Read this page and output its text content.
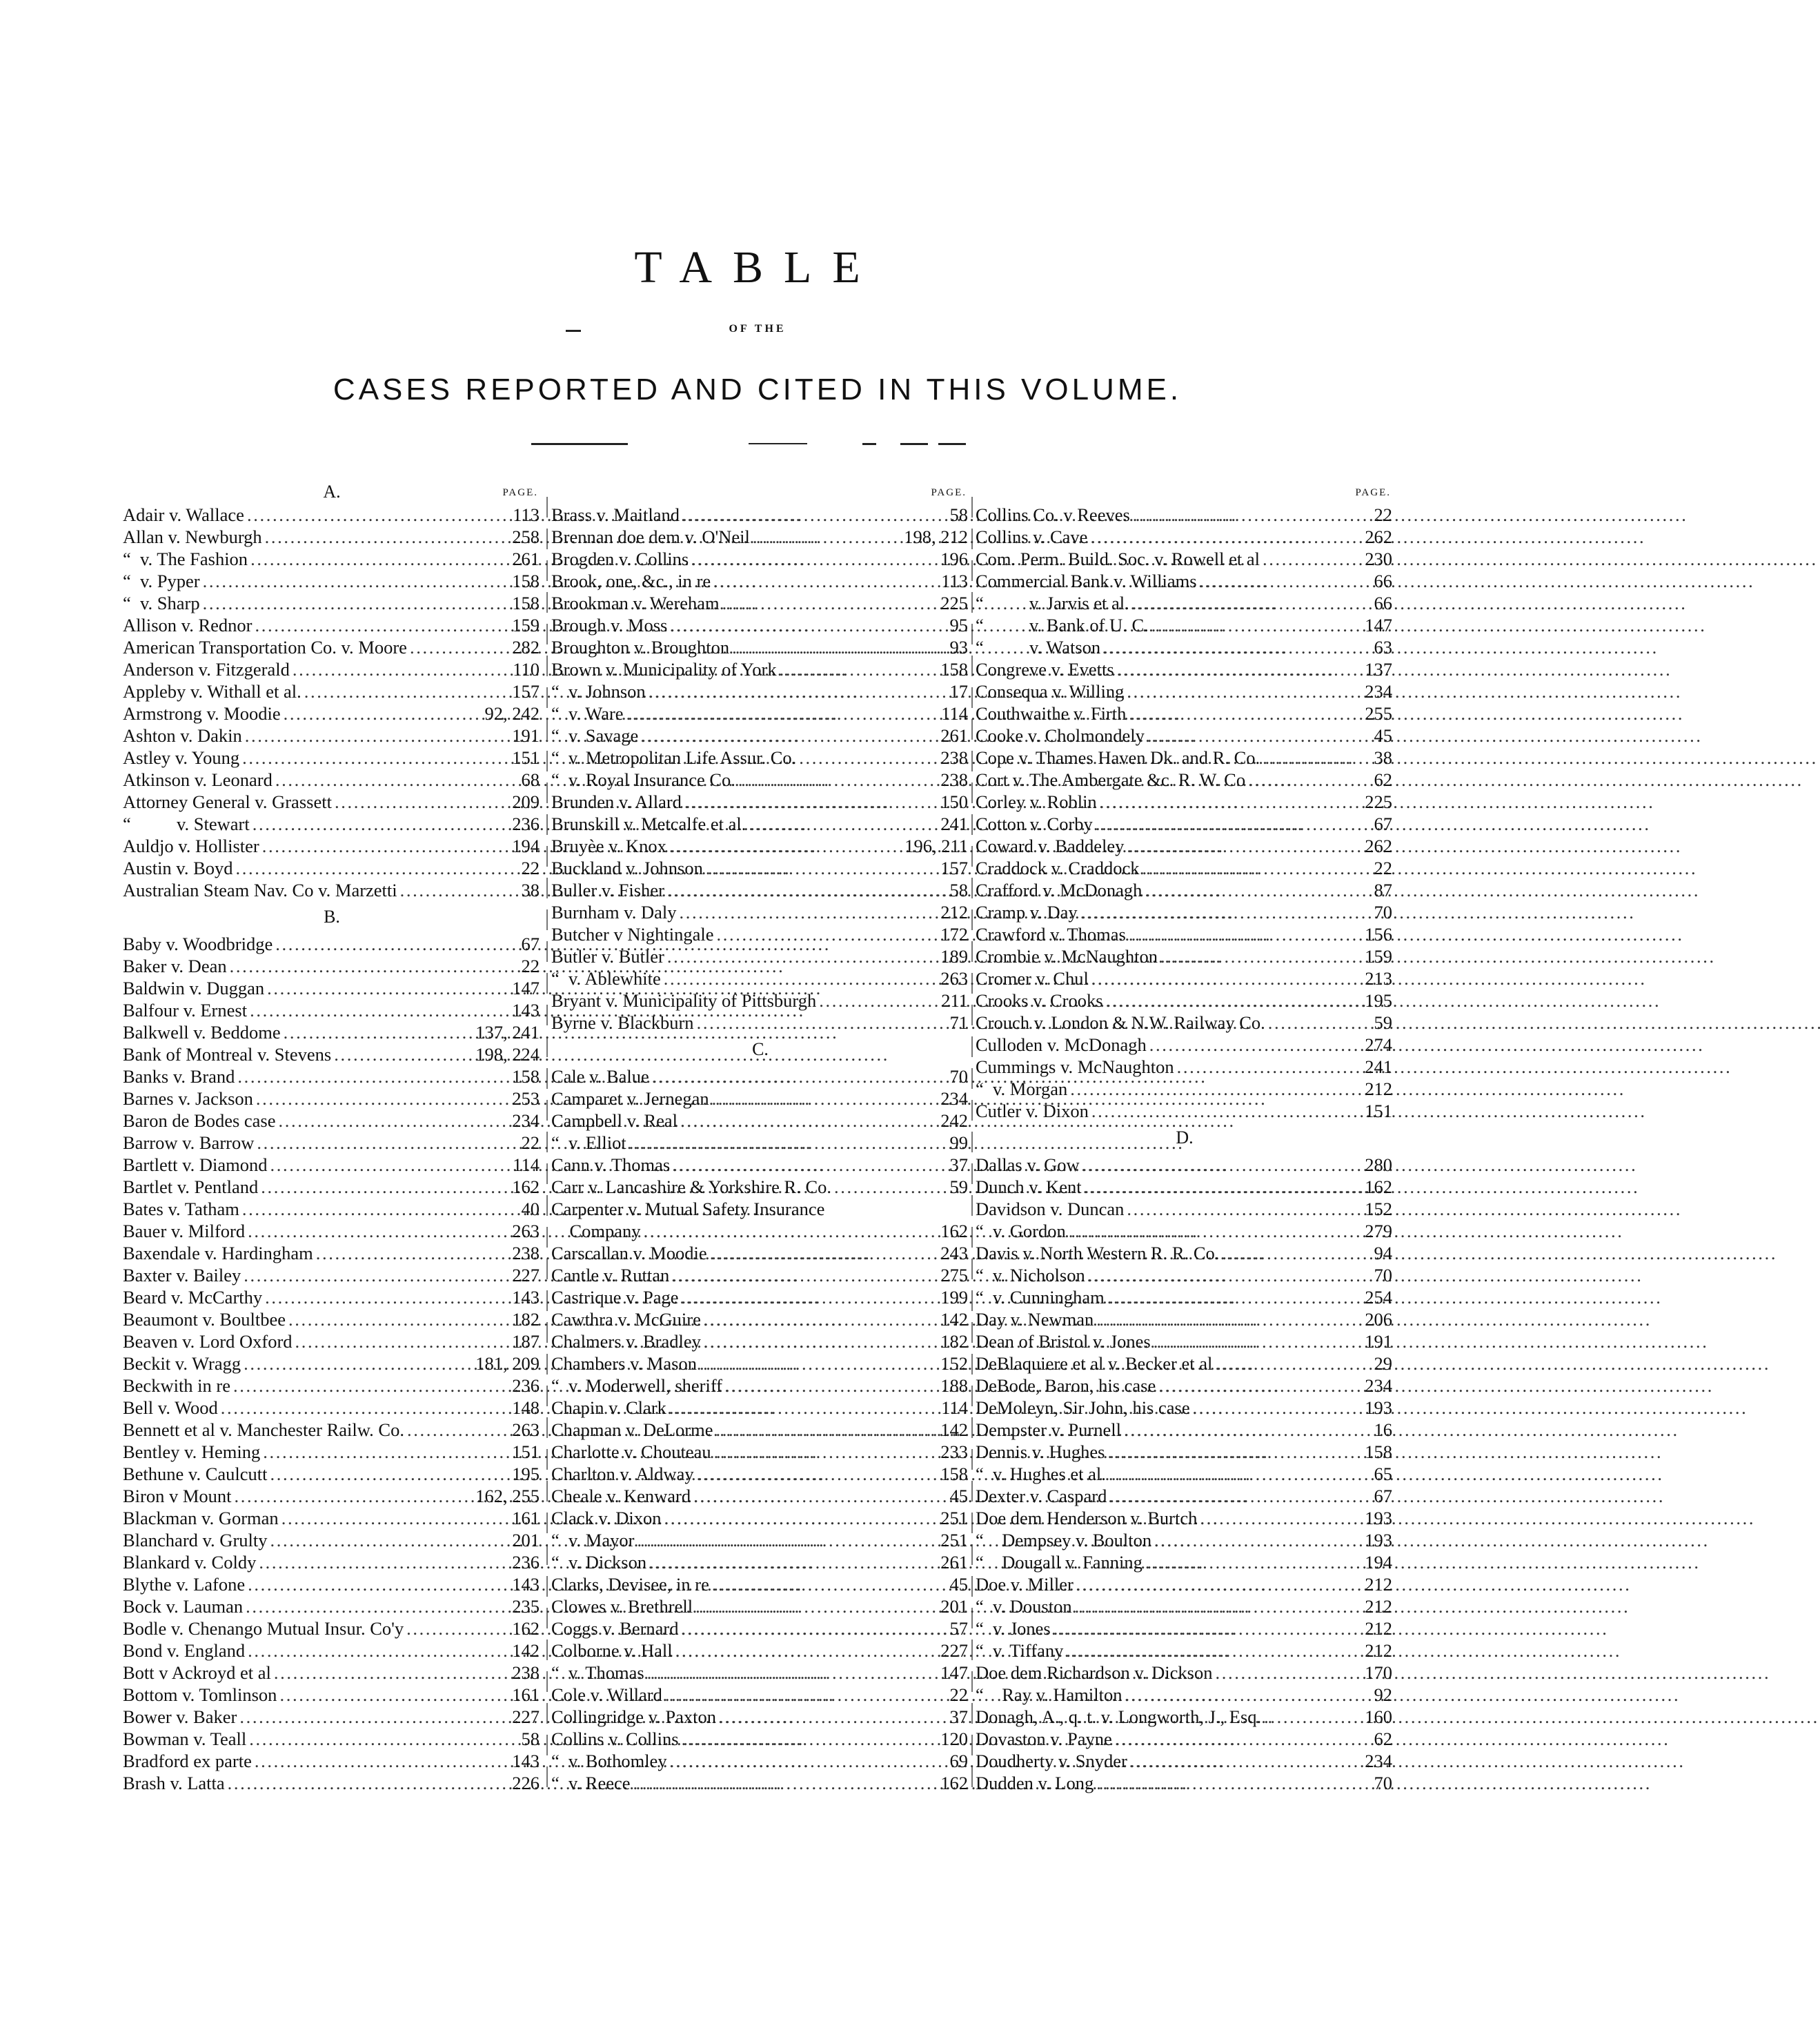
TABLE
OF THE
CASES REPORTED AND CITED IN THIS VOLUME.
A.	PAGE.
Adair v. Wallace . . .	113
Allan v. Newburgh . . .	258
“  v. The Fashion . . .	261
“  v. Pyper . . .	158
“  v. Sharp . . .	158
Allison v. Rednor . . .	159
American Transportation Co. v. Moore . . .	282
Anderson v. Fitzgerald . . .	110
Appleby v. Withall et al. . . .	157
Armstrong v. Moodie . . .	92, 242
Ashton v. Dakin . . .	191
Astley v. Young . . .	151
Atkinson v. Leonard . . .	68
Attorney General v. Grassett . . .	209
“          v. Stewart . . .	236
Auldjo v. Hollister . . .	194
Austin v. Boyd . . .	22
Australian Steam Nav. Co v. Marzetti . . .	38
B.
Baby v. Woodbridge . . .	67
Baker v. Dean . . .	22
Baldwin v. Duggan . . .	147
Balfour v. Ernest . . .	143
Balkwell v. Beddome . . .	137, 241
Bank of Montreal v. Stevens . . .	198, 224
Banks v. Brand . . .	158
Barnes v. Jackson . . .	253
Baron de Bodes case . . .	234
Barrow v. Barrow . . .	22
Bartlett v. Diamond . . .	114
Bartlet v. Pentland . . .	162
Bates v. Tatham . . .	40
Bauer v. Milford . . .	263
Baxendale v. Hardingham . . .	238
Baxter v. Bailey . . .	227
Beard v. McCarthy . . .	143
Beaumont v. Boultbee . . .	182
Beaven v. Lord Oxford . . .	187
Beckit v. Wragg . . .	181, 209
Beckwith in re . . .	236
Bell v. Wood . . .	148
Bennett et al v. Manchester Railw. Co. . . .	263
Bentley v. Heming . . .	151
Bethune v. Caulcutt . . .	195
Biron v Mount . . .	162, 255
Blackman v. Gorman . . .	161
Blanchard v. Grulty . . .	201
Blankard v. Coldy . . .	236
Blythe v. Lafone . . .	143
Bock v. Lauman . . .	235
Bodle v. Chenango Mutual Insur. Co'y . . .	162
Bond v. England . . .	142
Bott v Ackroyd et al . . .	238
Bottom v. Tomlinson . . .	161
Bower v. Baker . . .	227
Bowman v. Teall . . .	58
Bradford ex parte . . .	143
Brash v. Latta . . .	226
PAGE.
Brass v. Maitland . . .	58
Brennan doe dem v. O'Neil . . .	198, 212
Brogden v. Collins . . .	196
Brook, one, &c., in re . . .	113
Brookman v. Wereham . . .	225
Brough v. Moss . . .	95
Broughton v. Broughton . . .	93
Brown v. Municipality of York . . .	158
“  v. Johnson . . .	17
“  v. Ware . . .	114
“  v. Savage . . .	261
“  v. Metropolitan Life Assur. Co. . . .	238
“  v. Royal Insurance Co. . . .	238
Brunden v. Allard . . .	150
Brunskill v. Metcalfe et al. . . .	241
Bruyèe v. Knox . . .	196, 211
Buckland v. Johnson . . .	157
Buller v. Fisher . . .	58
Burnham v. Daly . . .	212
Butcher v Nightingale . . .	172
Butler v. Butler . . .	189
“  v. Ablewhite . . .	263
Bryant v. Municipality of Pittsburgh . . .	211
Byrne v. Blackburn . . .	71
C.
Cale v. Balue . . .	70
Camparet v. Jernegan . . .	234
Campbell v. Real . . .	242
“  v. Elliot . . .	99
Cann v. Thomas . . .	37
Carr v. Lancashire & Yorkshire R. Co. . . .	59
Carpenter v. Mutual Safety Insurance
Company . . .	162
Carscallan v. Moodie . . .	243
Cantle v. Ruttan . . .	275
Castrique v. Page . . .	199
Cawthra v. McGuire . . .	142
Chalmers v. Bradley . . .	182
Chambers v. Mason . . .	152
“  v. Moderwell, sheriff . . .	188
Chapin v. Clark . . .	114
Chapman v. DeLorme . . .	142
Charlotte v. Chouteau . . .	233
Charlton v. Aldway . . .	158
Cheale v. Kenward . . .	45
Clack v. Dixon . . .	251
“  v. Mayor . . .	251
“  v. Dickson . . .	261
Clarks, Devisee, in re . . .	45
Clowes v. Brethrell . . .	201
Coggs v. Bernard . . .	57
Colborne v. Hall . . .	227
“  v. Thomas . . .	147
Cole v. Willard . . .	22
Collingridge v. Paxton . . .	37
Collins v. Collins . . .	120
“  v. Bothomley . . .	69
“  v. Reece . . .	162
PAGE.
Collins Co. v Reeves . . .	22
Collins v. Cave . . .	262
Com. Perm. Build. Soc. v. Rowell et al . . .	230
Commercial Bank v. Williams . . .	66
“          v. Jarvis et al. . . .	66
“          v. Bank of U. C. . . .	147
“          v. Watson . . .	63
Congreve v. Evetts . . .	137
Consequa v. Willing . . .	234
Couthwaithe v. Firth . . .	255
Cooke v. Cholmondely . . .	45
Cope v. Thames Haven Dk. and R. Co. . . .	38
Cort v. The Ambergate &c. R. W. Co . . .	62
Corley v. Roblin . . .	225
Cotton v. Corby . . .	67
Coward v. Baddeley . . .	262
Craddock v. Craddock . . .	22
Crafford v. McDonagh . . .	87
Cramp v. Day . . .	70
Crawford v. Thomas . . .	156
Crombie v. McNaughton . . .	159
Cromer v. Chul . . .	213
Crooks v. Crooks . . .	195
Crouch v. London & N.W. Railway Co. . . .	59
Culloden v. McDonagh . . .	274
Cummings v. McNaughton . . .	241
“  v. Morgan . . .	212
Cutler v. Dixon . . .	151
D.
Dallas v. Gow . . .	280
Dunch v. Kent . . .	162
Davidson v. Duncan . . .	152
“  v. Gordon . . .	279
Davis v. North Western R. R. Co. . . .	94
“  v. Nicholson . . .	70
“  v. Cunningham . . .	254
Day v. Newman . . .	206
Dean of Bristol v. Jones . . .	191
DeBlaquiere et al v. Becker et al . . .	29
DeBode, Baron, his case . . .	234
DeMoleyn, Sir John, his case . . .	193
Dempster v. Purnell . . .	16
Dennis v. Hughes . . .	158
“  v. Hughes et al. . . .	65
Dexter v. Caspard . . .	67
Doe dem Henderson v. Burtch . . .	193
“    Dempsey v. Boulton . . .	193
“    Dougall v. Fanning . . .	194
Doe v. Miller . . .	212
“  v. Douston . . .	212
“  v. Jones . . .	212
“  v. Tiffany . . .	212
Doe dem Richardson v. Dickson . . .	170
“    Ray v. Hamilton . . .	92
Donagh, A., q. t. v. Longworth, J., Esq. . . .	160
Dovaston v. Payne . . .	62
Doudherty v. Snyder . . .	234
Dudden v. Long . . .	70
